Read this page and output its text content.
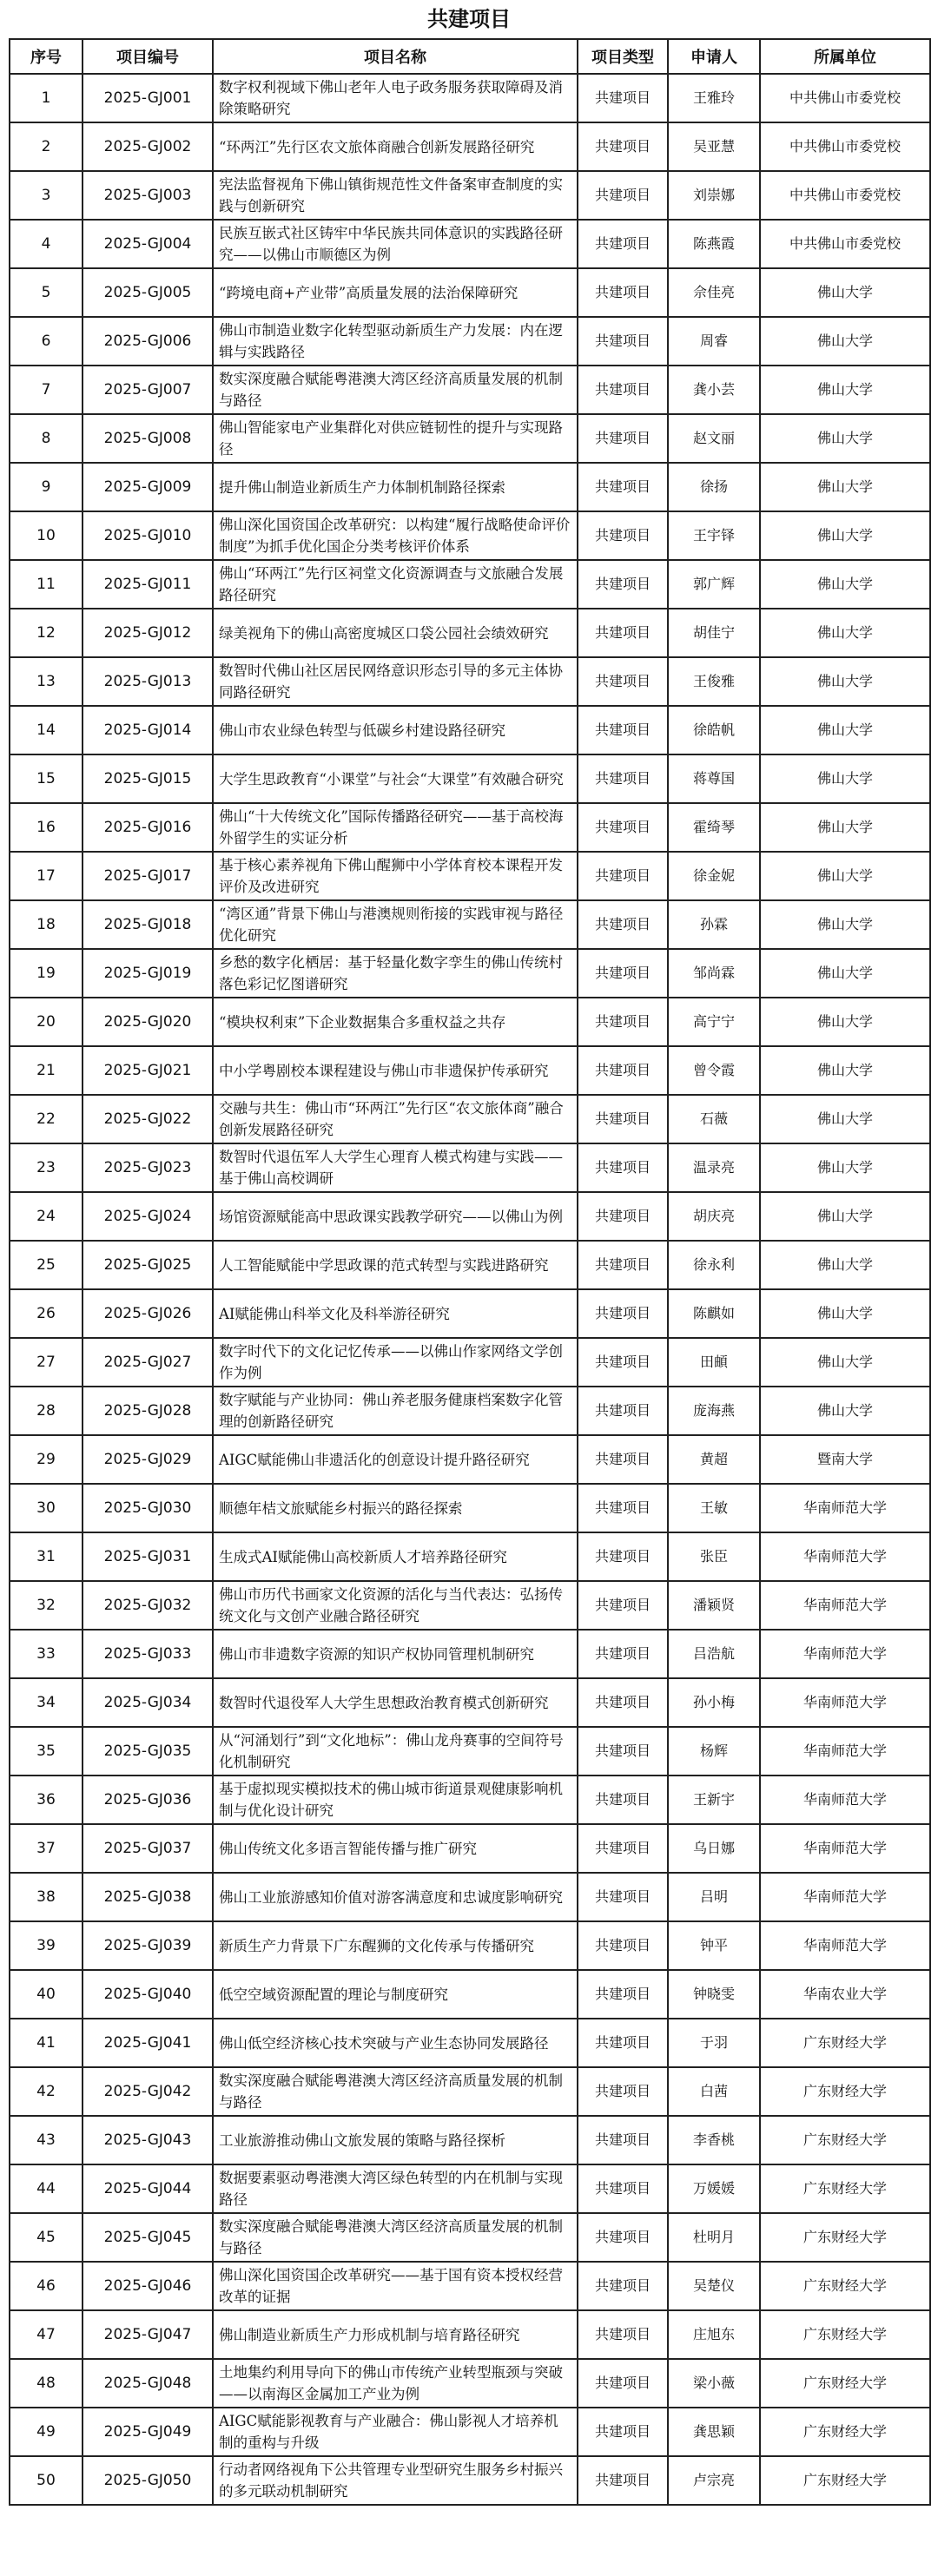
共建项目
序号	项目编号	项目名称	项目类型	申请人	所属单位
1	2025-GJ001	数字权利视域下佛山老年人电子政务服务获取障碍及消除策略研究	共建项目	王雅玲	中共佛山市委党校
2	2025-GJ002	“环两江”先行区农文旅体商融合创新发展路径研究	共建项目	吴亚慧	中共佛山市委党校
3	2025-GJ003	宪法监督视角下佛山镇街规范性文件备案审查制度的实践与创新研究	共建项目	刘崇娜	中共佛山市委党校
4	2025-GJ004	民族互嵌式社区铸牢中华民族共同体意识的实践路径研究——以佛山市顺德区为例	共建项目	陈燕霞	中共佛山市委党校
5	2025-GJ005	“跨境电商+产业带”高质量发展的法治保障研究	共建项目	佘佳亮	佛山大学
6	2025-GJ006	佛山市制造业数字化转型驱动新质生产力发展：内在逻辑与实践路径	共建项目	周睿	佛山大学
7	2025-GJ007	数实深度融合赋能粤港澳大湾区经济高质量发展的机制与路径	共建项目	龚小芸	佛山大学
8	2025-GJ008	佛山智能家电产业集群化对供应链韧性的提升与实现路径	共建项目	赵文丽	佛山大学
9	2025-GJ009	提升佛山制造业新质生产力体制机制路径探索	共建项目	徐扬	佛山大学
10	2025-GJ010	佛山深化国资国企改革研究：以构建“履行战略使命评价制度”为抓手优化国企分类考核评价体系	共建项目	王宇铎	佛山大学
11	2025-GJ011	佛山“环两江”先行区祠堂文化资源调查与文旅融合发展路径研究	共建项目	郭广辉	佛山大学
12	2025-GJ012	绿美视角下的佛山高密度城区口袋公园社会绩效研究	共建项目	胡佳宁	佛山大学
13	2025-GJ013	数智时代佛山社区居民网络意识形态引导的多元主体协同路径研究	共建项目	王俊雅	佛山大学
14	2025-GJ014	佛山市农业绿色转型与低碳乡村建设路径研究	共建项目	徐皓帆	佛山大学
15	2025-GJ015	大学生思政教育“小课堂”与社会“大课堂”有效融合研究	共建项目	蒋尊国	佛山大学
16	2025-GJ016	佛山“十大传统文化”国际传播路径研究——基于高校海外留学生的实证分析	共建项目	霍绮琴	佛山大学
17	2025-GJ017	基于核心素养视角下佛山醒狮中小学体育校本课程开发评价及改进研究	共建项目	徐金妮	佛山大学
18	2025-GJ018	“湾区通”背景下佛山与港澳规则衔接的实践审视与路径优化研究	共建项目	孙霖	佛山大学
19	2025-GJ019	乡愁的数字化栖居：基于轻量化数字孪生的佛山传统村落色彩记忆图谱研究	共建项目	邹尚霖	佛山大学
20	2025-GJ020	“模块权利束”下企业数据集合多重权益之共存	共建项目	高宁宁	佛山大学
21	2025-GJ021	中小学粤剧校本课程建设与佛山市非遗保护传承研究	共建项目	曾令霞	佛山大学
22	2025-GJ022	交融与共生：佛山市“环两江”先行区“农文旅体商”融合创新发展路径研究	共建项目	石薇	佛山大学
23	2025-GJ023	数智时代退伍军人大学生心理育人模式构建与实践——基于佛山高校调研	共建项目	温录亮	佛山大学
24	2025-GJ024	场馆资源赋能高中思政课实践教学研究——以佛山为例	共建项目	胡庆亮	佛山大学
25	2025-GJ025	人工智能赋能中学思政课的范式转型与实践进路研究	共建项目	徐永利	佛山大学
26	2025-GJ026	AI赋能佛山科举文化及科举游径研究	共建项目	陈麒如	佛山大学
27	2025-GJ027	数字时代下的文化记忆传承——以佛山作家网络文学创作为例	共建项目	田頔	佛山大学
28	2025-GJ028	数字赋能与产业协同：佛山养老服务健康档案数字化管理的创新路径研究	共建项目	庞海燕	佛山大学
29	2025-GJ029	AIGC赋能佛山非遗活化的创意设计提升路径研究	共建项目	黄超	暨南大学
30	2025-GJ030	顺德年桔文旅赋能乡村振兴的路径探索	共建项目	王敏	华南师范大学
31	2025-GJ031	生成式AI赋能佛山高校新质人才培养路径研究	共建项目	张臣	华南师范大学
32	2025-GJ032	佛山市历代书画家文化资源的活化与当代表达：弘扬传统文化与文创产业融合路径研究	共建项目	潘颖贤	华南师范大学
33	2025-GJ033	佛山市非遗数字资源的知识产权协同管理机制研究	共建项目	吕浩航	华南师范大学
34	2025-GJ034	数智时代退役军人大学生思想政治教育模式创新研究	共建项目	孙小梅	华南师范大学
35	2025-GJ035	从“河涌划行”到“文化地标”：佛山龙舟赛事的空间符号化机制研究	共建项目	杨辉	华南师范大学
36	2025-GJ036	基于虚拟现实模拟技术的佛山城市街道景观健康影响机制与优化设计研究	共建项目	王新宇	华南师范大学
37	2025-GJ037	佛山传统文化多语言智能传播与推广研究	共建项目	乌日娜	华南师范大学
38	2025-GJ038	佛山工业旅游感知价值对游客满意度和忠诚度影响研究	共建项目	吕明	华南师范大学
39	2025-GJ039	新质生产力背景下广东醒狮的文化传承与传播研究	共建项目	钟平	华南师范大学
40	2025-GJ040	低空空域资源配置的理论与制度研究	共建项目	钟晓雯	华南农业大学
41	2025-GJ041	佛山低空经济核心技术突破与产业生态协同发展路径	共建项目	于羽	广东财经大学
42	2025-GJ042	数实深度融合赋能粤港澳大湾区经济高质量发展的机制与路径	共建项目	白茜	广东财经大学
43	2025-GJ043	工业旅游推动佛山文旅发展的策略与路径探析	共建项目	李香桃	广东财经大学
44	2025-GJ044	数据要素驱动粤港澳大湾区绿色转型的内在机制与实现路径	共建项目	万媛媛	广东财经大学
45	2025-GJ045	数实深度融合赋能粤港澳大湾区经济高质量发展的机制与路径	共建项目	杜明月	广东财经大学
46	2025-GJ046	佛山深化国资国企改革研究——基于国有资本授权经营改革的证据	共建项目	吴楚仪	广东财经大学
47	2025-GJ047	佛山制造业新质生产力形成机制与培育路径研究	共建项目	庄旭东	广东财经大学
48	2025-GJ048	土地集约利用导向下的佛山市传统产业转型瓶颈与突破——以南海区金属加工产业为例	共建项目	梁小薇	广东财经大学
49	2025-GJ049	AIGC赋能影视教育与产业融合：佛山影视人才培养机制的重构与升级	共建项目	龚思颖	广东财经大学
50	2025-GJ050	行动者网络视角下公共管理专业型研究生服务乡村振兴的多元联动机制研究	共建项目	卢宗亮	广东财经大学
